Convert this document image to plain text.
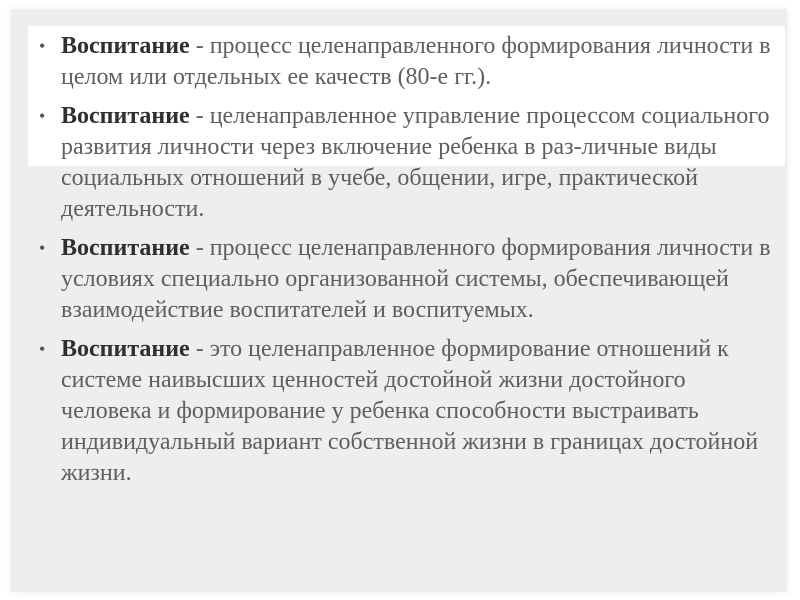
• Воспитание - процесс целенаправленного формирования личности в целом или отдельных ее качеств (80-е гг.).
• Воспитание - целенаправленное управление процессом социального развития личности через включение ребенка в раз-личные виды социальных отношений в учебе, общении, игре, практической деятельности.
• Воспитание - процесс целенаправленного формирования личности в условиях специально организованной системы, обеспечивающей взаимодействие воспитателей и воспитуемых.
• Воспитание - это целенаправленное формирование отношений к системе наивысших ценностей достойной жизни достойного человека и формирование у ребенка способности выстраивать индивидуальный вариант собственной жизни в границах достойной жизни.
